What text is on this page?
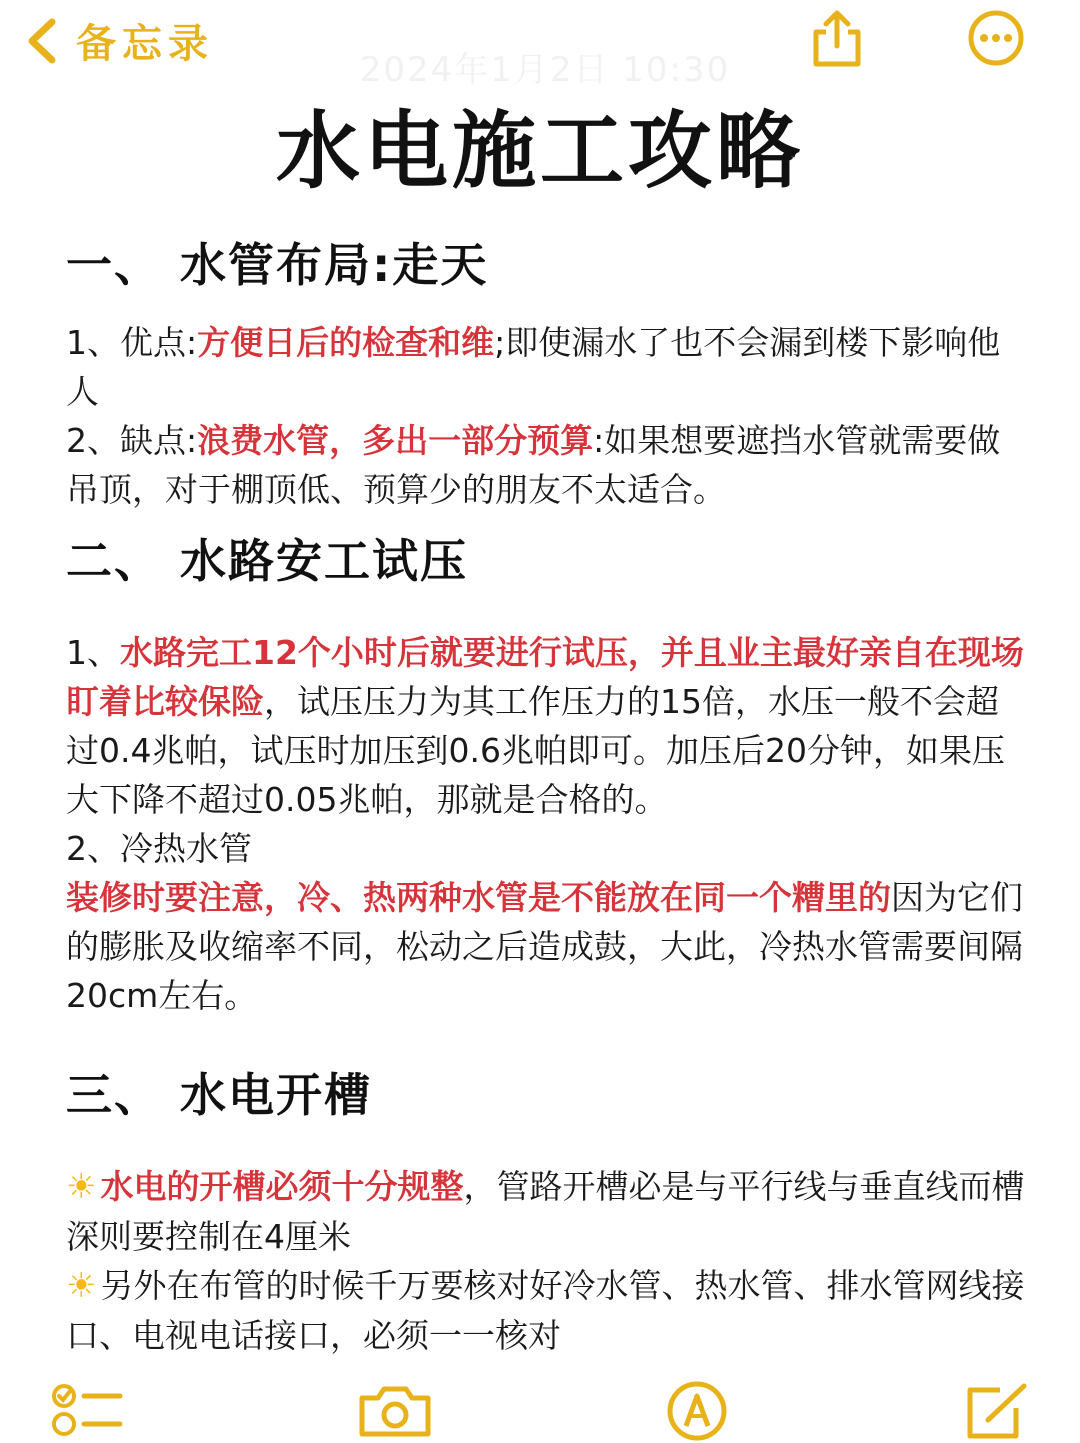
备忘录
2024年1月2日 10:30
水电施工攻略
一、 水管布局:走天

1、优点:方便日后的检查和维;即使漏水了也不会漏到楼下影响他人

2、缺点:浪费水管，多出一部分预算:如果想要遮挡水管就需要做吊顶，对于棚顶低、预算少的朋友不太适合。

二、 水路安工试压

1、水路完工12个小时后就要进行试压，并且业主最好亲自在现场盯着比较保险，试压压力为其工作压力的15倍，水压一般不会超过0.4兆帕，试压时加压到0.6兆帕即可。加压后20分钟，如果压大下降不超过0.05兆帕，那就是合格的。

2、冷热水管

装修时要注意，冷、热两种水管是不能放在同一个糟里的因为它们的膨胀及收缩率不同，松动之后造成鼓，大此，冷热水管需要间隔20cm左右。

三、 水电开槽

☀ 水电的开槽必须十分规整，管路开槽必是与平行线与垂直线而槽深则要控制在4厘米

☀ 另外在布管的时候千万要核对好冷水管、热水管、排水管网线接口、电视电话接口，必须一一核对
